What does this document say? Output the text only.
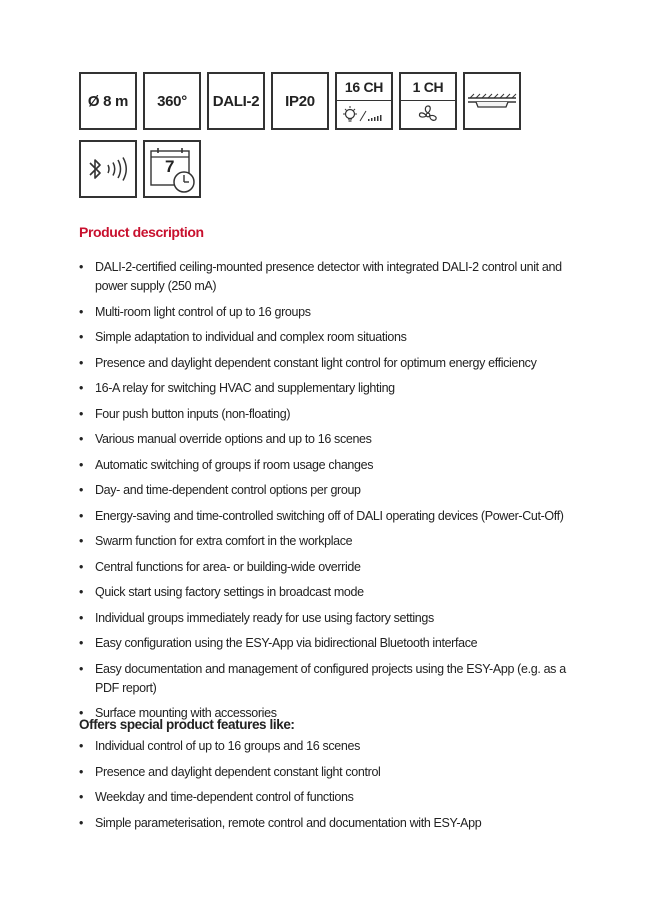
Ø 8 m 360° DALI-2 IP20
16 CH	1 CH
7
Product description
• DALI-2-certified ceiling-mounted presence detector with integrated DALI-2 control unit and power supply (250 mA)
• Multi-room light control of up to 16 groups
• Simple adaptation to individual and complex room situations
• Presence and daylight dependent constant light control for optimum energy efficiency
• 16-A relay for switching HVAC and supplementary lighting
• Four push button inputs (non-floating)
• Various manual override options and up to 16 scenes
• Automatic switching of groups if room usage changes
• Day- and time-dependent control options per group
• Energy-saving and time-controlled switching off of DALI operating devices (Power-Cut-Off)
• Swarm function for extra comfort in the workplace
• Central functions for area- or building-wide override
• Quick start using factory settings in broadcast mode
• Individual groups immediately ready for use using factory settings
• Easy configuration using the ESY-App via bidirectional Bluetooth interface
• Easy documentation and management of configured projects using the ESY-App (e.g. as a PDF report)
• Surface mounting with accessories
Offers special product features like:
• Individual control of up to 16 groups and 16 scenes
• Presence and daylight dependent constant light control
• Weekday and time-dependent control of functions
• Simple parameterisation, remote control and documentation with ESY-App
